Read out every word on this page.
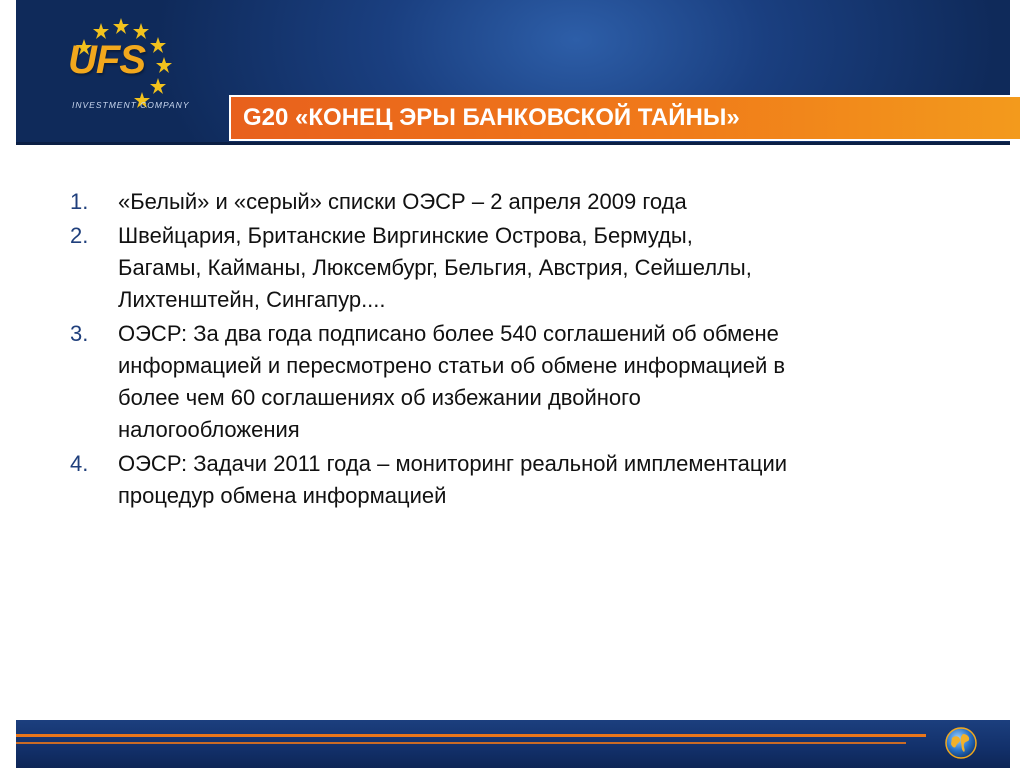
UFS
INVESTMENT COMPANY G20 «КОНЕЦ ЭРЫ БАНКОВСКОЙ ТАЙНЫ»
1.	«Белый» и «серый» списки ОЭСР – 2 апреля 2009 года
2.	Швейцария, Британские Виргинские Острова, Бермуды,
Багамы, Кайманы, Люксембург, Бельгия, Австрия, Сейшеллы,
Лихтенштейн, Сингапур....
3.	ОЭСР: За два года подписано более 540 соглашений об обмене
информацией и пересмотрено статьи об обмене информацией в
более чем 60 соглашениях об избежании двойного
налогообложения
4.	ОЭСР: Задачи 2011 года – мониторинг реальной имплементации
процедур обмена информацией
